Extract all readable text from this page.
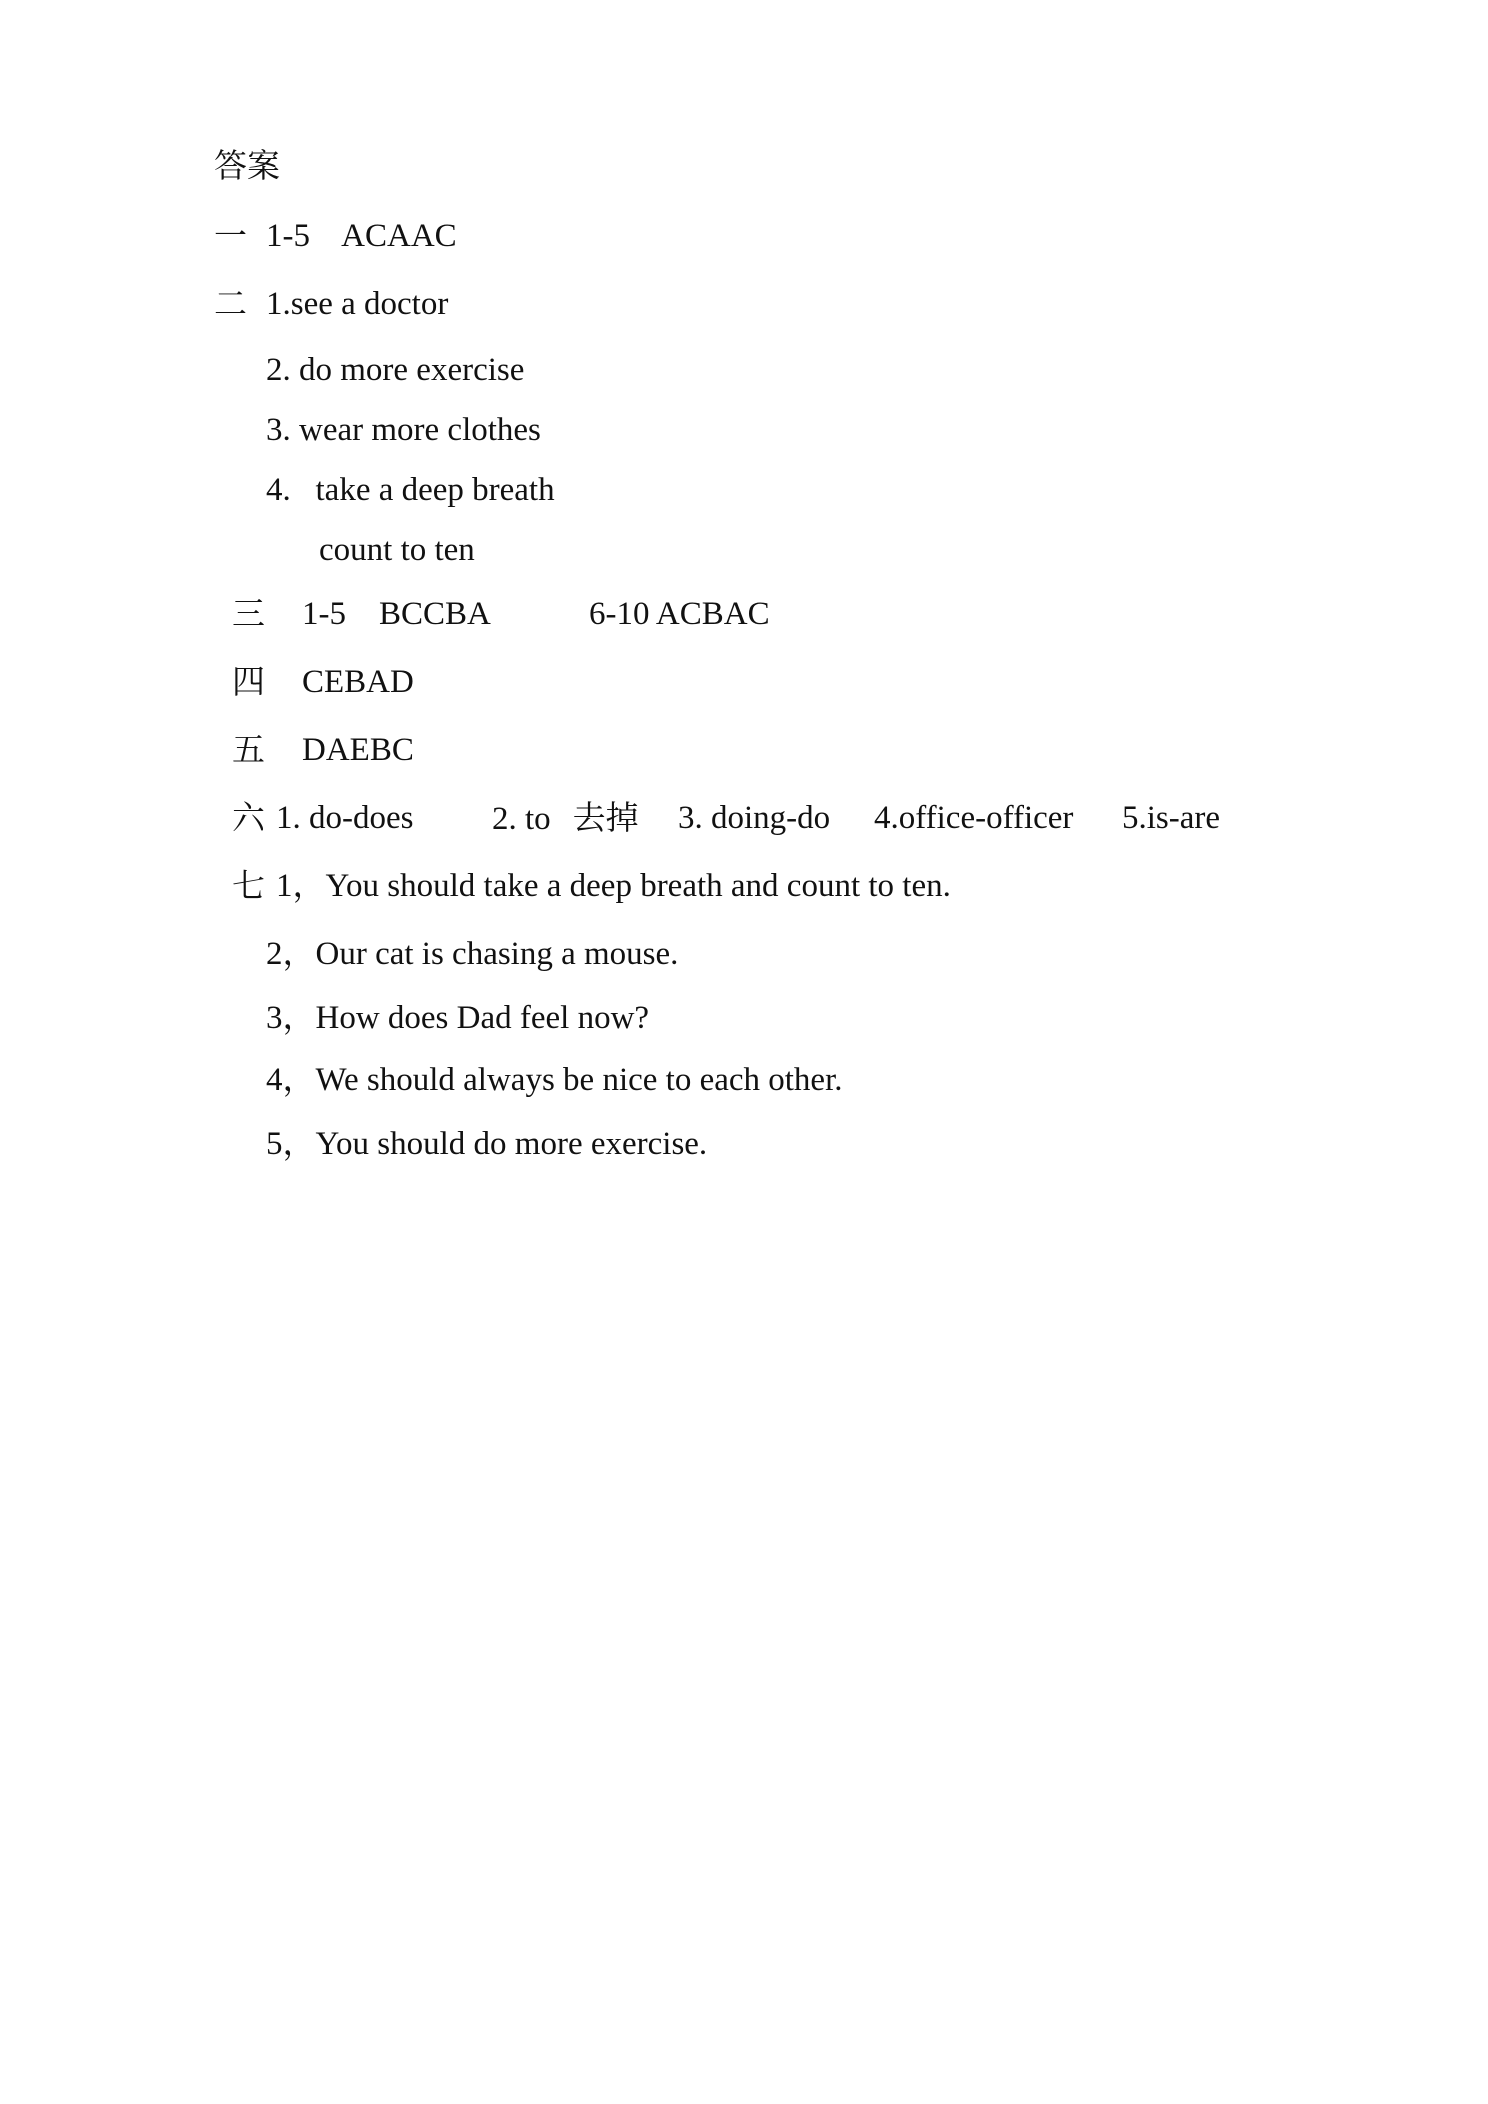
答案
一 1-5    ACAAC
二 1.see a doctor
2. do more exercise
3. wear more clothes
4.   take a deep breath
count to ten
三 1-5    BCCBA	6-10 ACBAC
四 CEBAD
五 DAEBC
六 1. do-does 2. to 去掉 3. doing-do 4.office-officer 5.is-are
七 1，You should take a deep breath and count to ten.
2，Our cat is chasing a mouse.
3，How does Dad feel now?
4，We should always be nice to each other.
5，You should do more exercise.
